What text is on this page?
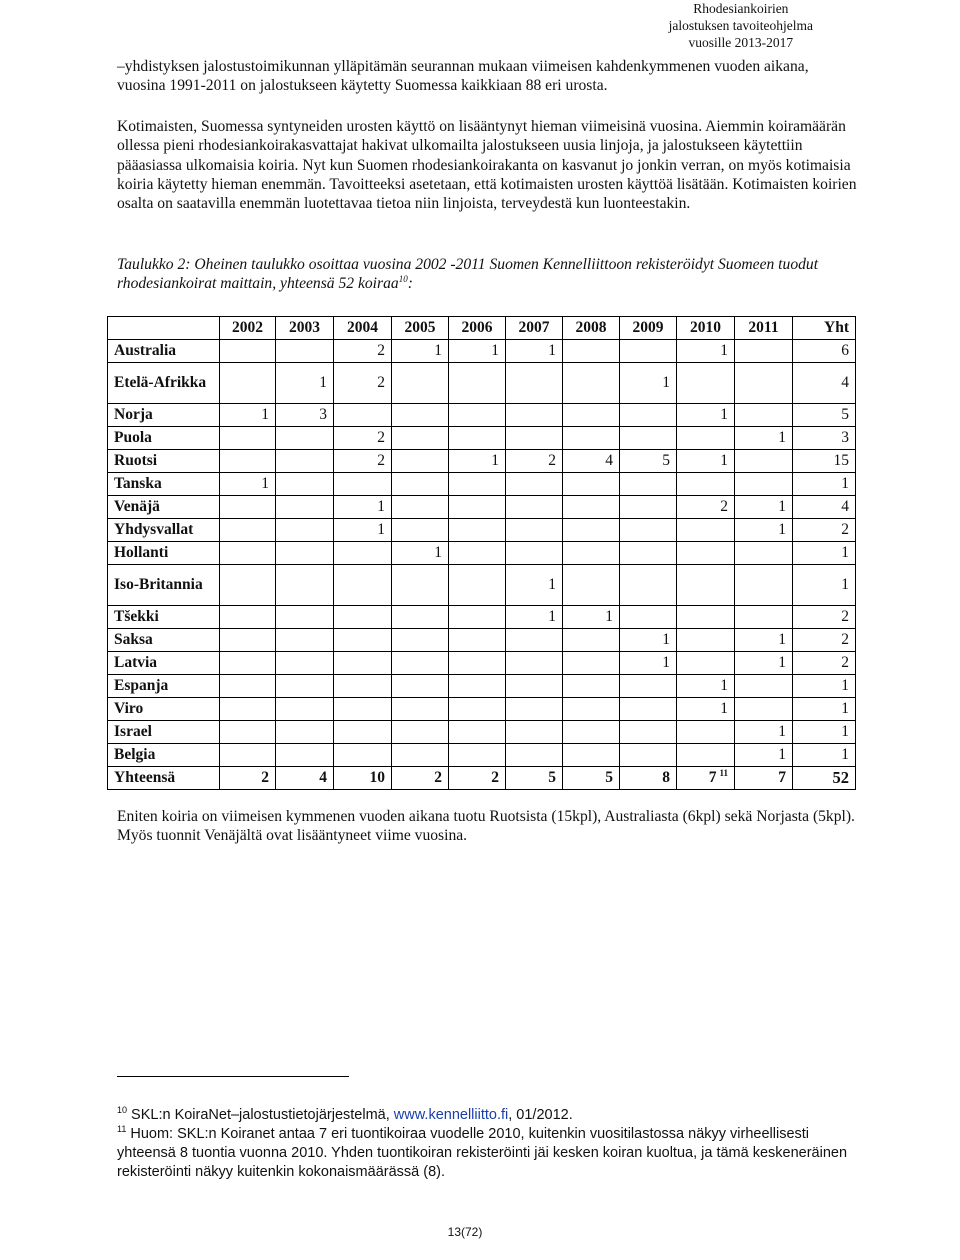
Rhodesiankoirien
jalostuksen tavoiteohjelma
vuosille 2013-2017

–yhdistyksen jalostustoimikunnan ylläpitämän seurannan mukaan viimeisen kahdenkymmenen vuoden aikana, vuosina 1991-2011 on jalostukseen käytetty Suomessa kaikkiaan 88 eri urosta.

Kotimaisten, Suomessa syntyneiden urosten käyttö on lisääntynyt hieman viimeisinä vuosina. Aiemmin koiramäärän ollessa pieni rhodesiankoirakasvattajat hakivat ulkomailta jalostukseen uusia linjoja, ja jalostukseen käytettiin pääasiassa ulkomaisia koiria. Nyt kun Suomen rhodesiankoirakanta on kasvanut jo jonkin verran, on myös kotimaisia koiria käytetty hieman enemmän. Tavoitteeksi asetetaan, että kotimaisten urosten käyttöä lisätään. Kotimaisten koirien osalta on saatavilla enemmän luotettavaa tietoa niin linjoista, terveydestä kun luonteestakin.

Taulukko 2: Oheinen taulukko osoittaa vuosina 2002 -2011 Suomen Kennelliittoon rekisteröidyt Suomeen tuodut rhodesiankoirat maittain, yhteensä 52 koiraa$^{10}$:

	2002	2003	2004	2005	2006	2007	2008	2009	2010	2011	Yht
Australia			2	1	1	1			1		6
Etelä-Afrikka		1	2					1			4
Norja	1	3							1		5
Puola			2							1	3
Ruotsi			2		1	2	4	5	1		15
Tanska	1										1
Venäjä			1						2	1	4
Yhdysvallat			1							1	2
Hollanti				1							1
Iso-Britannia						1					1
Tšekki						1	1				2
Saksa								1		1	2
Latvia								1		1	2
Espanja									1		1
Viro									1		1
Israel										1	1
Belgia										1	1
Yhteensä	2	4	10	2	2	5	5	8	7 $^{11}$	7	52

Eniten koiria on viimeisen kymmenen vuoden aikana tuotu Ruotsista (15kpl), Australiasta (6kpl) sekä Norjasta (5kpl). Myös tuonnit Venäjältä ovat lisääntyneet viime vuosina.

$^{10}$ SKL:n KoiraNet–jalostustietojärjestelmä, www.kennelliitto.fi, 01/2012.

$^{11}$ Huom: SKL:n Koiranet antaa 7 eri tuontikoiraa vuodelle 2010, kuitenkin vuositilastossa näkyy virheellisesti yhteensä 8 tuontia vuonna 2010. Yhden tuontikoiran rekisteröinti jäi kesken koiran kuoltua, ja tämä keskeneräinen rekisteröinti näkyy kuitenkin kokonaismäärässä (8).

13(72)
